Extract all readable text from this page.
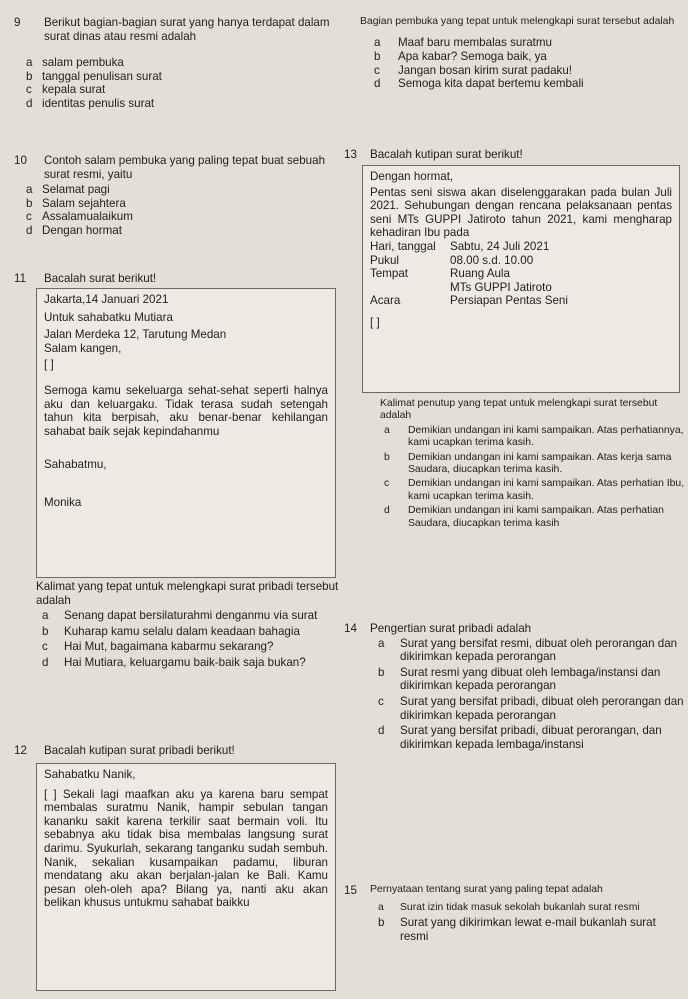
9	Berikut bagian-bagian surat yang hanya terdapat dalam surat dinas atau resmi adalah
a salam pembuka
b tanggal penulisan surat
c kepala surat
d identitas penulis surat
10	Contoh salam pembuka yang paling tepat buat sebuah surat resmi, yaitu
a Selamat pagi
b Salam sejahtera
c Assalamualaikum
d Dengan hormat
11	Bacalah surat berikut!
Jakarta,14 Januari 2021
Untuk sahabatku Mutiara
Jalan Merdeka 12, Tarutung Medan
Salam kangen,
[ ]
Semoga kamu sekeluarga sehat-sehat seperti halnya aku dan keluargaku. Tidak terasa sudah setengah tahun kita berpisah, aku benar-benar kehilangan sahabat baik sejak kepindahanmu
Sahabatmu,
Monika
Kalimat yang tepat untuk melengkapi surat pribadi tersebut adalah
a	Senang dapat bersilaturahmi denganmu via surat
b	Kuharap kamu selalu dalam keadaan bahagia
c	Hai Mut, bagaimana kabarmu sekarang?
d	Hai Mutiara, keluargamu baik-baik saja bukan?
12	Bacalah kutipan surat pribadi berikut!
Sahabatku Nanik,
[ ] Sekali lagi maafkan aku ya karena baru sempat membalas suratmu Nanik, hampir sebulan tangan kananku sakit karena terkilir saat bermain voli. Itu sebabnya aku tidak bisa membalas langsung surat darimu. Syukurlah, sekarang tanganku sudah sembuh. Nanik, sekalian kusampaikan padamu, liburan mendatang aku akan berjalan-jalan ke Bali. Kamu pesan oleh-oleh apa? Bilang ya, nanti aku akan belikan khusus untukmu sahabat baikku
Bagian pembuka yang tepat untuk melengkapi surat tersebut adalah
a	Maaf baru membalas suratmu
b	Apa kabar? Semoga baik, ya
c	Jangan bosan kirim surat padaku!
d	Semoga kita dapat bertemu kembali
13	Bacalah kutipan surat berikut!
Dengan hormat,
Pentas seni siswa akan diselenggarakan pada bulan Juli 2021. Sehubungan dengan rencana pelaksanaan pentas seni MTs GUPPI Jatiroto tahun 2021, kami mengharap kehadiran Ibu pada
Hari, tanggal	Sabtu, 24 Juli 2021
Pukul	08.00 s.d. 10.00
Tempat	Ruang Aula
MTs GUPPI Jatiroto
Acara	Persiapan Pentas Seni
[ ]
Kalimat penutup yang tepat untuk melengkapi surat tersebut adalah
a	Demikian undangan ini kami sampaikan. Atas perhatiannya, kami ucapkan terima kasih.
b	Demikian undangan ini kami sampaikan. Atas kerja sama Saudara, diucapkan terima kasih.
c	Demikian undangan ini kami sampaikan. Atas perhatian Ibu, kami ucapkan terima kasih.
d	Demikian undangan ini kami sampaikan. Atas perhatian Saudara, diucapkan terima kasih
14	Pengertian surat pribadi adalah
a	Surat yang bersifat resmi, dibuat oleh perorangan dan dikirimkan kepada perorangan
b	Surat resmi yang dibuat oleh lembaga/instansi dan dikirimkan kepada perorangan
c	Surat yang bersifat pribadi, dibuat oleh perorangan dan dikirimkan kepada perorangan
d	Surat yang bersifat pribadi, dibuat perorangan, dan dikirimkan kepada lembaga/instansi
15	Pernyataan tentang surat yang paling tepat adalah
a	Surat izin tidak masuk sekolah bukanlah surat resmi
b	Surat yang dikirimkan lewat e-mail bukanlah surat resmi
